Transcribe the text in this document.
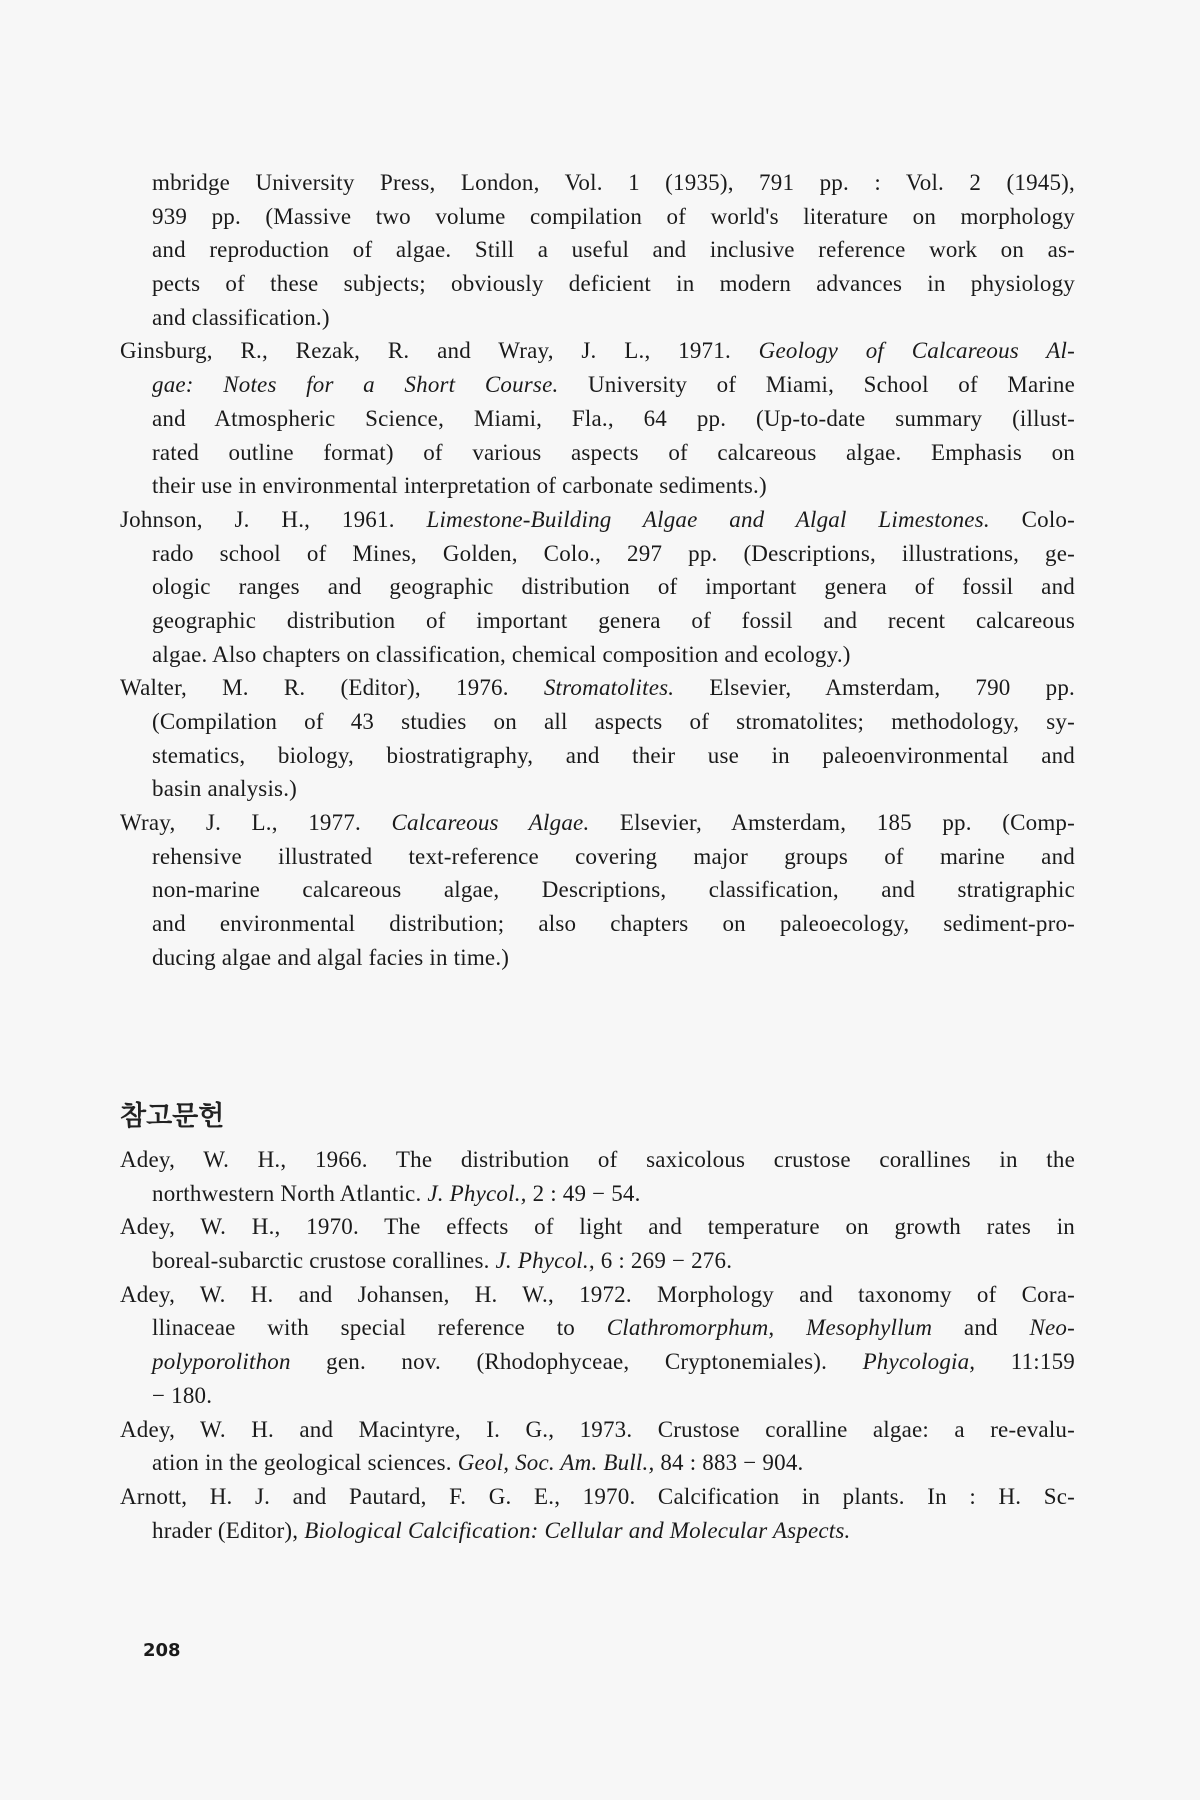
mbridge University Press, London, Vol. 1 (1935), 791 pp. : Vol. 2 (1945),
939 pp. (Massive two volume compilation of world's literature on morphology
and reproduction of algae. Still a useful and inclusive reference work on as-
pects of these subjects; obviously deficient in modern advances in physiology
and classification.)
Ginsburg, R., Rezak, R. and Wray, J. L., 1971. Geology of Calcareous Al-
gae: Notes for a Short Course. University of Miami, School of Marine
and Atmospheric Science, Miami, Fla., 64 pp. (Up-to-date summary (illust-
rated outline format) of various aspects of calcareous algae. Emphasis on
their use in environmental interpretation of carbonate sediments.)
Johnson, J. H., 1961. Limestone-Building Algae and Algal Limestones. Colo-
rado school of Mines, Golden, Colo., 297 pp. (Descriptions, illustrations, ge-
ologic ranges and geographic distribution of important genera of fossil and
geographic distribution of important genera of fossil and recent calcareous
algae. Also chapters on classification, chemical composition and ecology.)
Walter, M. R. (Editor), 1976. Stromatolites. Elsevier, Amsterdam, 790 pp.
(Compilation of 43 studies on all aspects of stromatolites; methodology, sy-
stematics, biology, biostratigraphy, and their use in paleoenvironmental and
basin analysis.)
Wray, J. L., 1977. Calcareous Algae. Elsevier, Amsterdam, 185 pp. (Comp-
rehensive illustrated text-reference covering major groups of marine and
non-marine calcareous algae, Descriptions, classification, and stratigraphic
and environmental distribution; also chapters on paleoecology, sediment-pro-
ducing algae and algal facies in time.)
참고문헌
Adey, W. H., 1966. The distribution of saxicolous crustose corallines in the
northwestern North Atlantic. J. Phycol., 2 : 49 − 54.
Adey, W. H., 1970. The effects of light and temperature on growth rates in
boreal-subarctic crustose corallines. J. Phycol., 6 : 269 − 276.
Adey, W. H. and Johansen, H. W., 1972. Morphology and taxonomy of Cora-
llinaceae with special reference to Clathromorphum, Mesophyllum and Neo-
polyporolithon gen. nov. (Rhodophyceae, Cryptonemiales). Phycologia, 11:159
− 180.
Adey, W. H. and Macintyre, I. G., 1973. Crustose coralline algae: a re-evalu-
ation in the geological sciences. Geol, Soc. Am. Bull., 84 : 883 − 904.
Arnott, H. J. and Pautard, F. G. E., 1970. Calcification in plants. In : H. Sc-
hrader (Editor), Biological Calcification: Cellular and Molecular Aspects.
208
